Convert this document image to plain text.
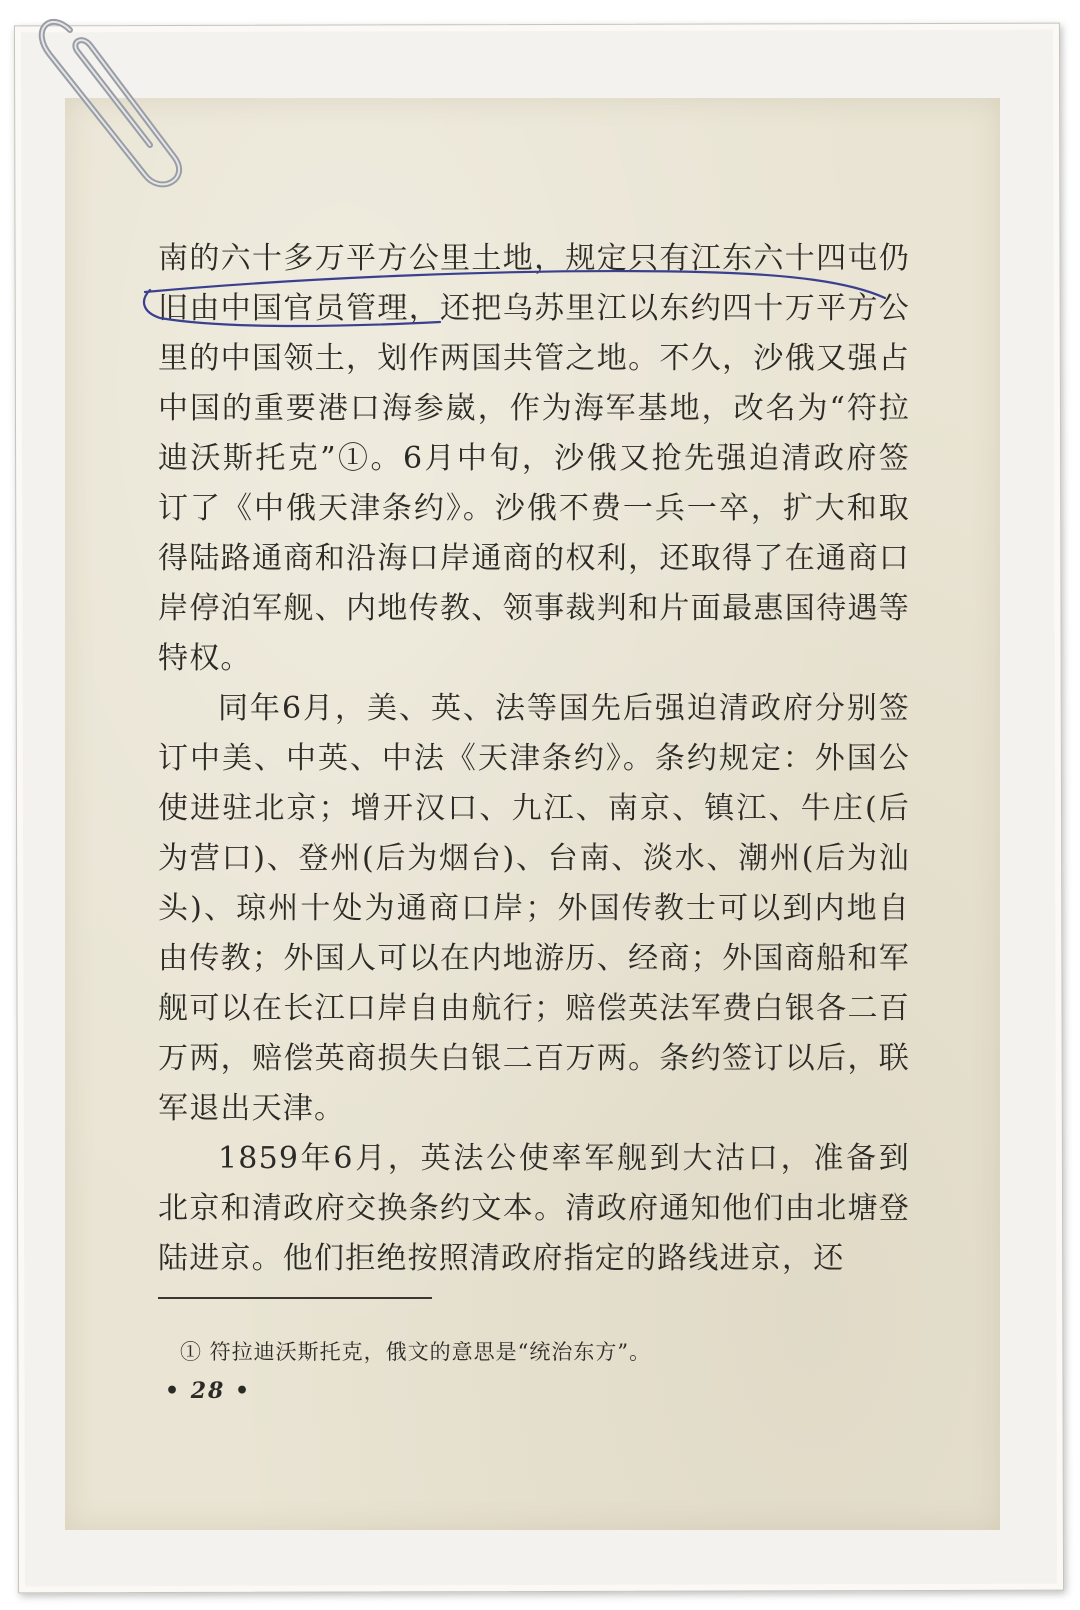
南的六十多万平方公里土地，规定只有江东六十四屯仍旧由中国官员管理，还把乌苏里江以东约四十万平方公里的中国领土，划作两国共管之地。不久，沙俄又强占中国的重要港口海参崴，作为海军基地，改名为“符拉迪沃斯托克”①。6月中旬，沙俄又抢先强迫清政府签订了《中俄天津条约》。沙俄不费一兵一卒，扩大和取得陆路通商和沿海口岸通商的权利，还取得了在通商口岸停泊军舰、内地传教、领事裁判和片面最惠国待遇等特权。

同年6月，美、英、法等国先后强迫清政府分别签订中美、中英、中法《天津条约》。条约规定：外国公使进驻北京；增开汉口、九江、南京、镇江、牛庄(后为营口)、登州(后为烟台)、台南、淡水、潮州(后为汕头)、琼州十处为通商口岸；外国传教士可以到内地自由传教；外国人可以在内地游历、经商；外国商船和军舰可以在长江口岸自由航行；赔偿英法军费白银各二百万两，赔偿英商损失白银二百万两。条约签订以后，联军退出天津。

1859年6月，英法公使率军舰到大沽口，准备到北京和清政府交换条约文本。清政府通知他们由北塘登陆进京。他们拒绝按照清政府指定的路线进京，还

① 符拉迪沃斯托克，俄文的意思是“统治东方”。
• 28 •
